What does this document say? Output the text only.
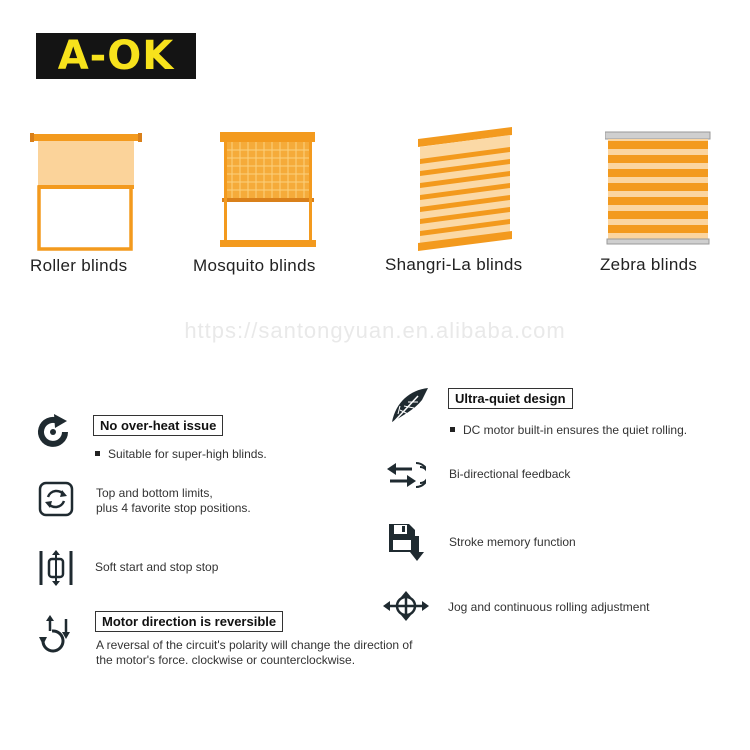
A-OK
Roller blinds	Mosquito blinds	Shangri-La blinds	Zebra blinds
https://santongyuan.en.alibaba.com
No over-heat issue
Suitable for super-high blinds.
Top and bottom limits,
plus 4 favorite stop positions.
Soft start and stop stop
Motor direction is reversible
A reversal of the circuit's polarity will change the direction of
the motor's force. clockwise or counterclockwise.
Ultra-quiet design
DC motor built-in ensures the quiet rolling.
Bi-directional feedback
Stroke memory function
Jog and continuous rolling adjustment
